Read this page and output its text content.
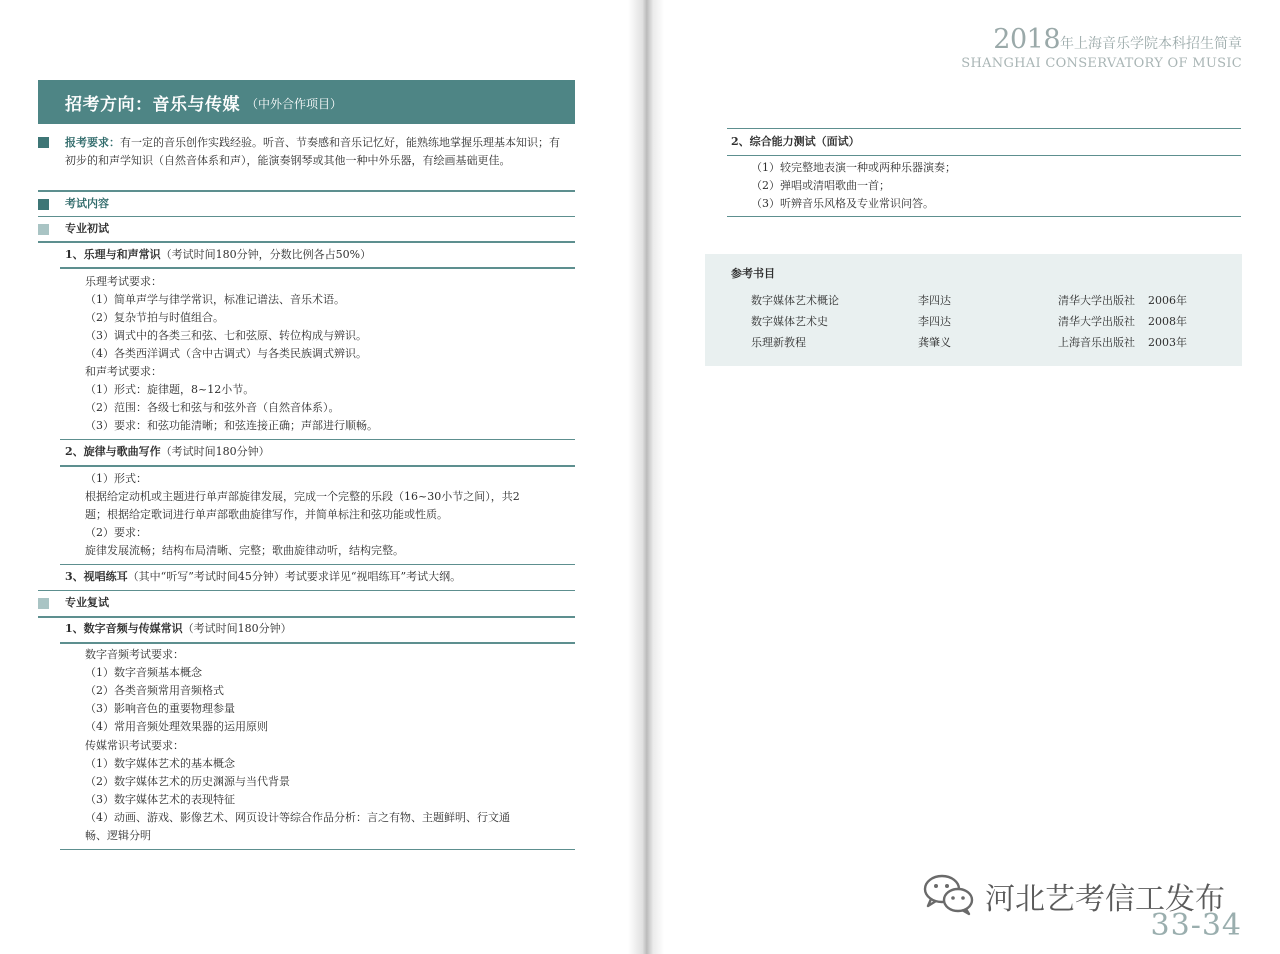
招考方向：音乐与传媒 （中外合作项目）
报考要求：有一定的音乐创作实践经验。听音、节奏感和音乐记忆好，能熟练地掌握乐理基本知识；有初步的和声学知识（自然音体系和声），能演奏钢琴或其他一种中外乐器，有绘画基础更佳。
考试内容
专业初试
1、乐理与和声常识（考试时间180分钟，分数比例各占50%）
乐理考试要求：
（1）简单声学与律学常识，标准记谱法、音乐术语。
（2）复杂节拍与时值组合。
（3）调式中的各类三和弦、七和弦原、转位构成与辨识。
（4）各类西洋调式（含中古调式）与各类民族调式辨识。
和声考试要求：
（1）形式：旋律题，8~12小节。
（2）范围：各级七和弦与和弦外音（自然音体系）。
（3）要求：和弦功能清晰；和弦连接正确；声部进行顺畅。
2、旋律与歌曲写作（考试时间180分钟）
（1）形式：
根据给定动机或主题进行单声部旋律发展，完成一个完整的乐段（16~30小节之间），共2
题；根据给定歌词进行单声部歌曲旋律写作，并简单标注和弦功能或性质。
（2）要求：
旋律发展流畅；结构布局清晰、完整；歌曲旋律动听，结构完整。
3、视唱练耳（其中“听写”考试时间45分钟）考试要求详见“视唱练耳”考试大纲。
专业复试
1、数字音频与传媒常识（考试时间180分钟）
数字音频考试要求：
（1）数字音频基本概念
（2）各类音频常用音频格式
（3）影响音色的重要物理参量
（4）常用音频处理效果器的运用原则
传媒常识考试要求：
（1）数字媒体艺术的基本概念
（2）数字媒体艺术的历史渊源与当代背景
（3）数字媒体艺术的表现特征
（4）动画、游戏、影像艺术、网页设计等综合作品分析：言之有物、主题鲜明、行文通
畅、逻辑分明
2018年上海音乐学院本科招生简章
SHANGHAI CONSERVATORY OF MUSIC
2、综合能力测试（面试）
（1）较完整地表演一种或两种乐器演奏；
（2）弹唱或清唱歌曲一首；
（3）听辨音乐风格及专业常识问答。
参考书目
数字媒体艺术概论	李四达	清华大学出版社 2006年
数字媒体艺术史	李四达	清华大学出版社 2008年
乐理新教程	龚肇义	上海音乐出版社 2003年
河北艺考信工发布
33-34
